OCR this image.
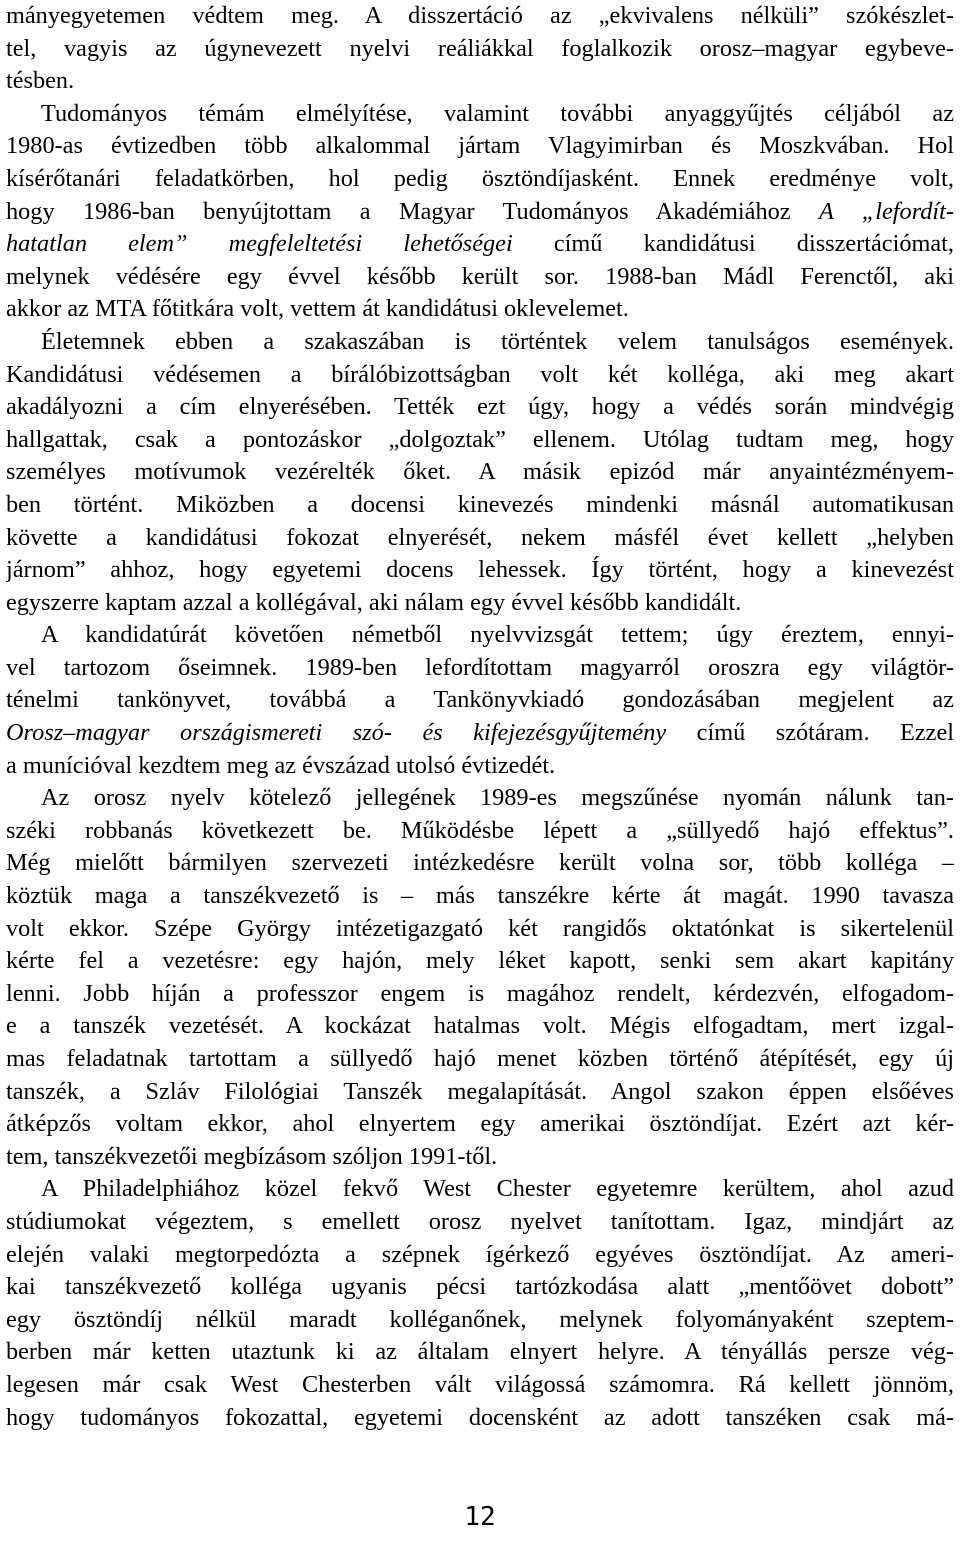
mányegyetemen védtem meg. A disszertáció az „ekvivalens nélküli” szókészlet-
tel, vagyis az úgynevezett nyelvi reáliákkal foglalkozik orosz–magyar egybeve-
tésben.
Tudományos témám elmélyítése, valamint további anyaggyűjtés céljából az
1980-as évtizedben több alkalommal jártam Vlagyimirban és Moszkvában. Hol
kísérőtanári feladatkörben, hol pedig ösztöndíjasként. Ennek eredménye volt,
hogy 1986-ban benyújtottam a Magyar Tudományos Akadémiához A „lefordít-
hatatlan elem” megfeleltetési lehetőségei című kandidátusi disszertációmat,
melynek védésére egy évvel később került sor. 1988-ban Mádl Ferenctől, aki
akkor az MTA főtitkára volt, vettem át kandidátusi oklevelemet.
Életemnek ebben a szakaszában is történtek velem tanulságos események.
Kandidátusi védésemen a bírálóbizottságban volt két kolléga, aki meg akart
akadályozni a cím elnyerésében. Tették ezt úgy, hogy a védés során mindvégig
hallgattak, csak a pontozáskor „dolgoztak” ellenem. Utólag tudtam meg, hogy
személyes motívumok vezérelték őket. A másik epizód már anyaintézményem-
ben történt. Miközben a docensi kinevezés mindenki másnál automatikusan
követte a kandidátusi fokozat elnyerését, nekem másfél évet kellett „helyben
járnom” ahhoz, hogy egyetemi docens lehessek. Így történt, hogy a kinevezést
egyszerre kaptam azzal a kollégával, aki nálam egy évvel később kandidált.
A kandidatúrát követően németből nyelvvizsgát tettem; úgy éreztem, ennyi-
vel tartozom őseimnek. 1989-ben lefordítottam magyarról oroszra egy világtör-
ténelmi tankönyvet, továbbá a Tankönyvkiadó gondozásában megjelent az
Orosz–magyar országismereti szó- és kifejezésgyűjtemény című szótáram. Ezzel
a munícióval kezdtem meg az évszázad utolsó évtizedét.
Az orosz nyelv kötelező jellegének 1989-es megszűnése nyomán nálunk tan-
széki robbanás következett be. Működésbe lépett a „süllyedő hajó effektus”.
Még mielőtt bármilyen szervezeti intézkedésre került volna sor, több kolléga –
köztük maga a tanszékvezető is – más tanszékre kérte át magát. 1990 tavasza
volt ekkor. Szépe György intézetigazgató két rangidős oktatónkat is sikertelenül
kérte fel a vezetésre: egy hajón, mely léket kapott, senki sem akart kapitány
lenni. Jobb híján a professzor engem is magához rendelt, kérdezvén, elfogadom-
e a tanszék vezetését. A kockázat hatalmas volt. Mégis elfogadtam, mert izgal-
mas feladatnak tartottam a süllyedő hajó menet közben történő átépítését, egy új
tanszék, a Szláv Filológiai Tanszék megalapítását. Angol szakon éppen elsőéves
átképzős voltam ekkor, ahol elnyertem egy amerikai ösztöndíjat. Ezért azt kér-
tem, tanszékvezetői megbízásom szóljon 1991-től.
A Philadelphiához közel fekvő West Chester egyetemre kerültem, ahol azud
stúdiumokat végeztem, s emellett orosz nyelvet tanítottam. Igaz, mindjárt az
elején valaki megtorpedózta a szépnek ígérkező egyéves ösztöndíjat. Az ameri-
kai tanszékvezető kolléga ugyanis pécsi tartózkodása alatt „mentőövet dobott”
egy ösztöndíj nélkül maradt kolléganőnek, melynek folyományaként szeptem-
berben már ketten utaztunk ki az általam elnyert helyre. A tényállás persze vég-
legesen már csak West Chesterben vált világossá számomra. Rá kellett jönnöm,
hogy tudományos fokozattal, egyetemi docensként az adott tanszéken csak má-
12
